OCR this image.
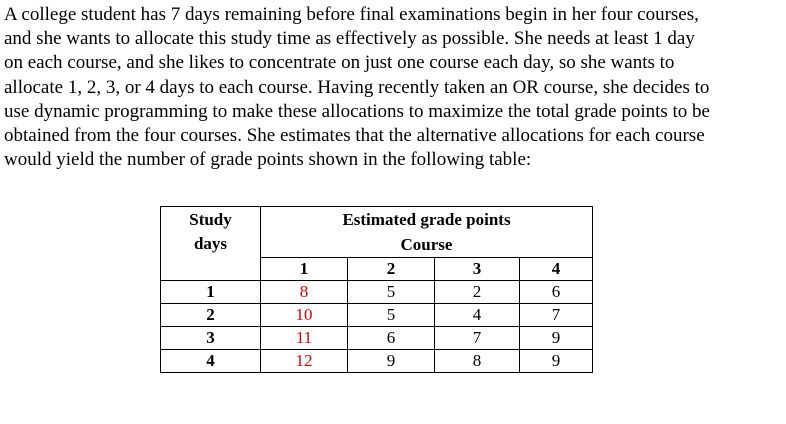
A college student has 7 days remaining before final examinations begin in her four courses,
and she wants to allocate this study time as effectively as possible. She needs at least 1 day
on each course, and she likes to concentrate on just one course each day, so she wants to
allocate 1, 2, 3, or 4 days to each course. Having recently taken an OR course, she decides to
use dynamic programming to make these allocations to maximize the total grade points to be
obtained from the four courses. She estimates that the alternative allocations for each course
would yield the number of grade points shown in the following table:
Study
days	Estimated grade points			
	Course			
	1	2	3	4
1	8	5	2	6
2	10	5	4	7
3	11	6	7	9
4	12	9	8	9
